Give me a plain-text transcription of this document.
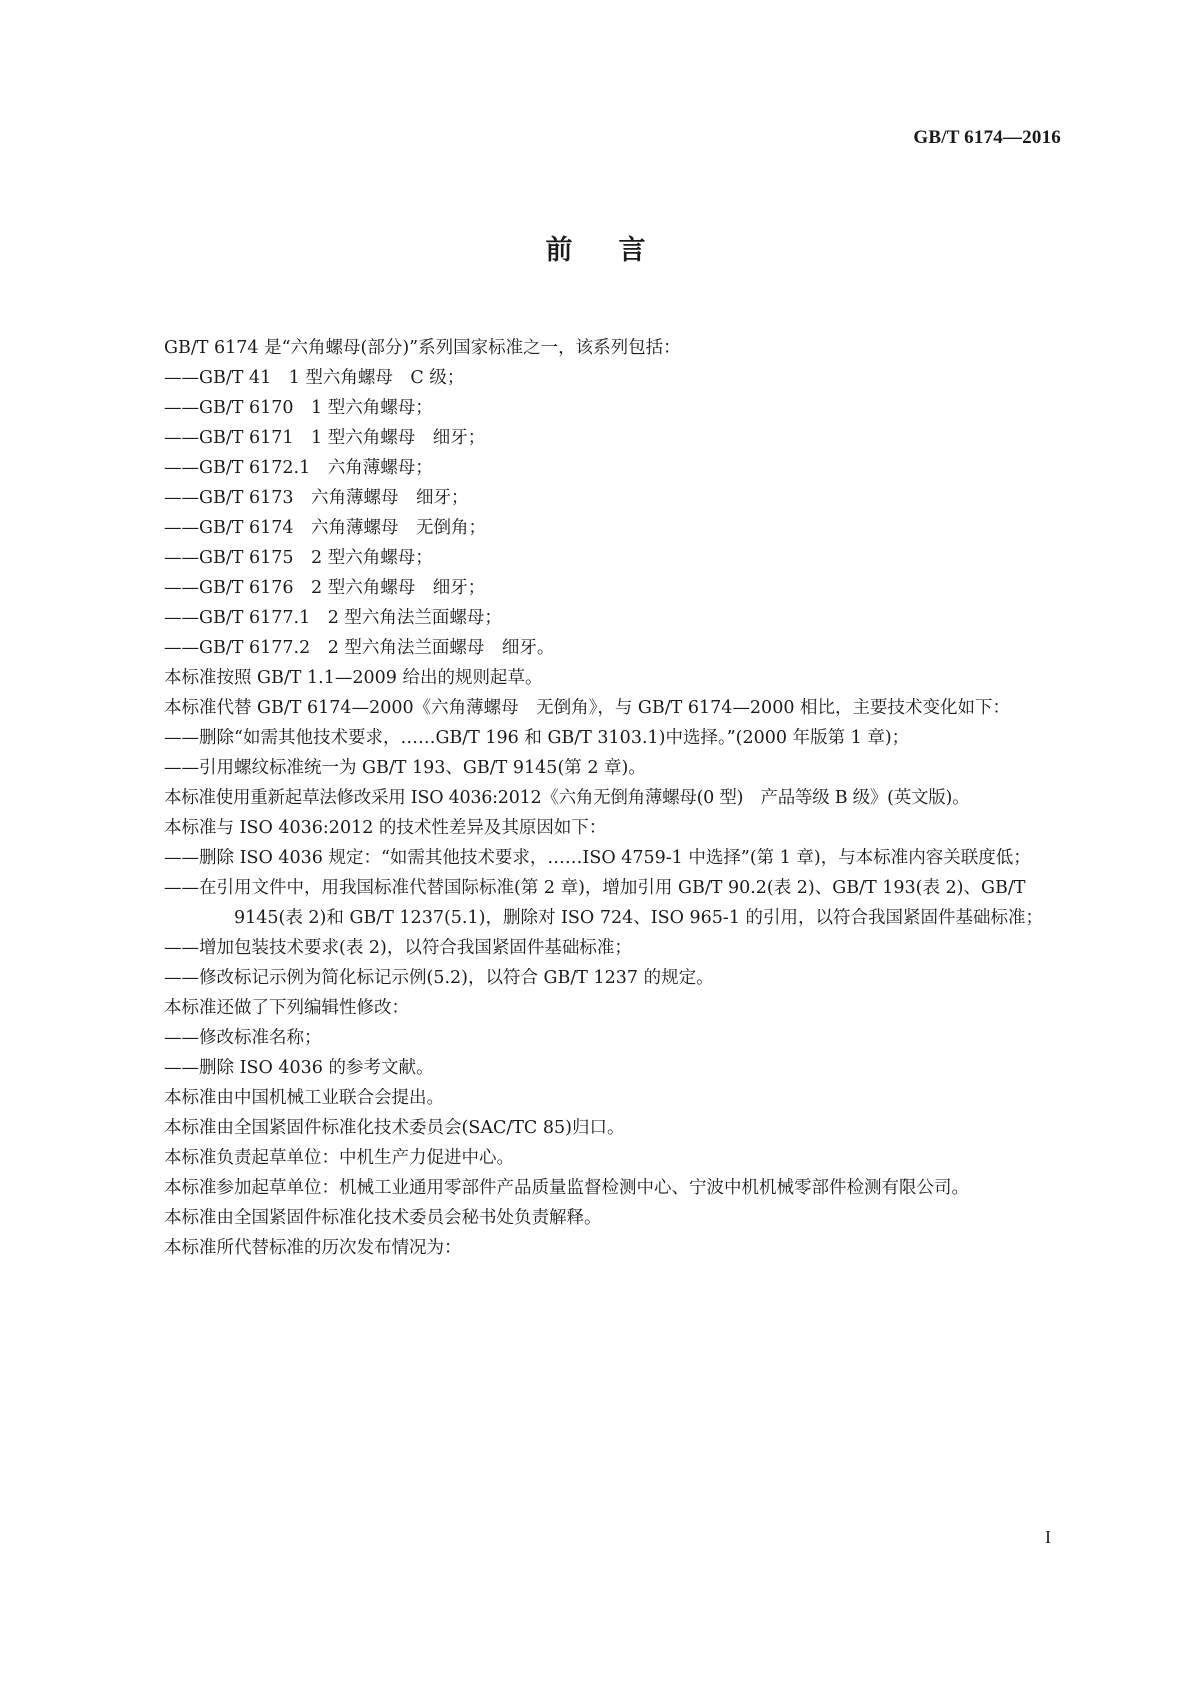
GB/T 6174—2016
前言

GB/T 6174 是“六角螺母(部分)”系列国家标准之一，该系列包括：

——GB/T 41　1 型六角螺母　C 级；

——GB/T 6170　1 型六角螺母；

——GB/T 6171　1 型六角螺母　细牙；

——GB/T 6172.1　六角薄螺母；

——GB/T 6173　六角薄螺母　细牙；

——GB/T 6174　六角薄螺母　无倒角；

——GB/T 6175　2 型六角螺母；

——GB/T 6176　2 型六角螺母　细牙；

——GB/T 6177.1　2 型六角法兰面螺母；

——GB/T 6177.2　2 型六角法兰面螺母　细牙。

本标准按照 GB/T 1.1—2009 给出的规则起草。

本标准代替 GB/T 6174—2000《六角薄螺母　无倒角》，与 GB/T 6174—2000 相比，主要技术变化如下：

——删除“如需其他技术要求，……GB/T 196 和 GB/T 3103.1)中选择。”(2000 年版第 1 章)；

——引用螺纹标准统一为 GB/T 193、GB/T 9145(第 2 章)。

本标准使用重新起草法修改采用 ISO 4036:2012《六角无倒角薄螺母(0 型)　产品等级 B 级》(英文版)。

本标准与 ISO 4036:2012 的技术性差异及其原因如下：

——删除 ISO 4036 规定：“如需其他技术要求，……ISO 4759-1 中选择”(第 1 章)，与本标准内容关联度低；

——在引用文件中，用我国标准代替国际标准(第 2 章)，增加引用 GB/T 90.2(表 2)、GB/T 193(表 2)、GB/T 9145(表 2)和 GB/T 1237(5.1)，删除对 ISO 724、ISO 965-1 的引用，以符合我国紧固件基础标准；

——增加包装技术要求(表 2)，以符合我国紧固件基础标准；

——修改标记示例为简化标记示例(5.2)，以符合 GB/T 1237 的规定。

本标准还做了下列编辑性修改：

——修改标准名称；

——删除 ISO 4036 的参考文献。

本标准由中国机械工业联合会提出。

本标准由全国紧固件标准化技术委员会(SAC/TC 85)归口。

本标准负责起草单位：中机生产力促进中心。

本标准参加起草单位：机械工业通用零部件产品质量监督检测中心、宁波中机机械零部件检测有限公司。

本标准由全国紧固件标准化技术委员会秘书处负责解释。

本标准所代替标准的历次发布情况为：

I
